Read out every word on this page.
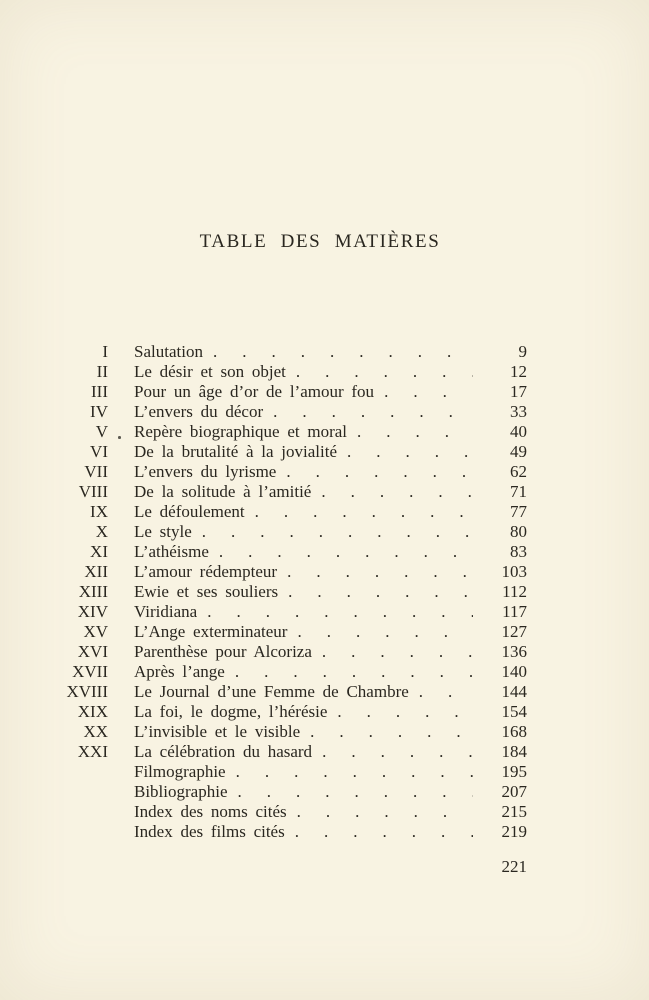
TABLE DES MATIÈRES
I	Salutation .....	9
II	Le désir et son objet .....	12
III	Pour un âge d’or de l’amour fou .....	17
IV	L’envers du décor .....	33
V	Repère biographique et moral .....	40
VI	De la brutalité à la jovialité .....	49
VII	L’envers du lyrisme .....	62
VIII	De la solitude à l’amitié .....	71
IX	Le défoulement .....	77
X	Le style .....	80
XI	L’athéisme .....	83
XII	L’amour rédempteur .....	103
XIII	Ewie et ses souliers .....	112
XIV	Viridiana .....	117
XV	L’Ange exterminateur .....	127
XVI	Parenthèse pour Alcoriza .....	136
XVII	Après l’ange .....	140
XVIII	Le Journal d’une Femme de Chambre .....	144
XIX	La foi, le dogme, l’hérésie .....	154
XX	L’invisible et le visible .....	168
XXI	La célébration du hasard .....	184
Filmographie .....	195
Bibliographie .....	207
Index des noms cités .....	215
Index des films cités .....	219
221
